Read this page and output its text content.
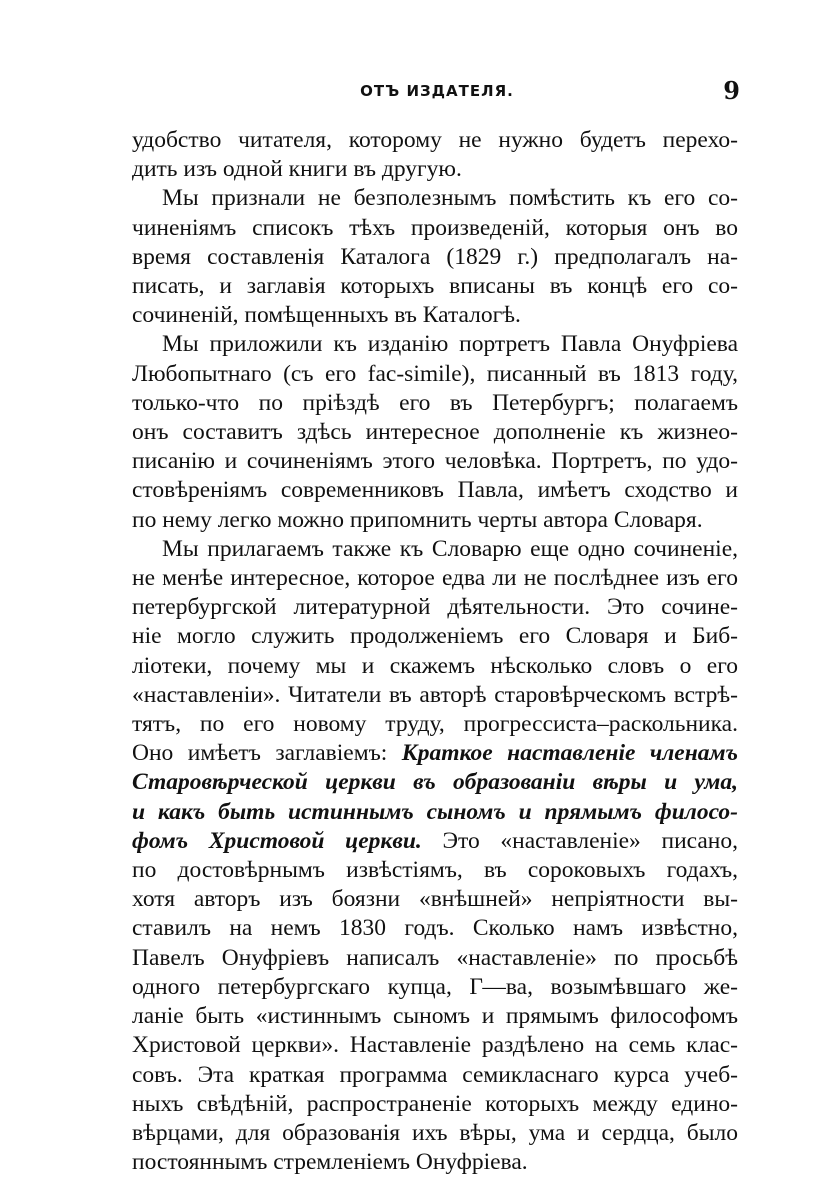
ОТЪ ИЗДАТЕЛЯ.	9

удобство читателя, которому не нужно будетъ перехо-
дить изъ одной книги въ другую.

Мы признали не безполезнымъ помѣстить къ его со-
чиненіямъ списокъ тѣхъ произведеній, которыя онъ во
время составленія Каталога (1829 г.) предполагалъ на-
писать, и заглавія которыхъ вписаны въ концѣ его со-
сочиненій, помѣщенныхъ въ Каталогѣ.

Мы приложили къ изданію портретъ Павла Онуфріева
Любопытнаго (съ его fac-simile), писанный въ 1813 году,
только-что по пріѣздѣ его въ Петербургъ; полагаемъ
онъ составитъ здѣсь интересное дополненіе къ жизнео-
писанію и сочиненіямъ этого человѣка. Портретъ, по удо-
стовѣреніямъ современниковъ Павла, имѣетъ сходство и
по нему легко можно припомнить черты автора Словаря.

Мы прилагаемъ также къ Словарю еще одно сочиненіе,
не менѣе интересное, которое едва ли не послѣднее изъ его
петербургской литературной дѣятельности. Это сочине-
ніе могло служить продолженіемъ его Словаря и Биб-
ліотеки, почему мы и скажемъ нѣсколько словъ о его
«наставленіи». Читатели въ авторѣ старовѣрческомъ встрѣ-
тятъ, по его новому труду, прогрессиста–раскольника.
Оно имѣетъ заглавіемъ: Краткое наставленіе членамъ
Старовѣрческой церкви въ образованіи вѣры и ума,
и какъ быть истиннымъ сыномъ и прямымъ филосо-
фомъ Христовой церкви. Это «наставленіе» писано,
по достовѣрнымъ извѣстіямъ, въ сороковыхъ годахъ,
хотя авторъ изъ боязни «внѣшней» непріятности вы-
ставилъ на немъ 1830 годъ. Сколько намъ извѣстно,
Павелъ Онуфріевъ написалъ «наставленіе» по просьбѣ
одного петербургскаго купца, Г—ва, возымѣвшаго же-
ланіе быть «истиннымъ сыномъ и прямымъ философомъ
Христовой церкви». Наставленіе раздѣлено на семь клас-
совъ. Эта краткая программа семикласнаго курса учеб-
ныхъ свѣдѣній, распространеніе которыхъ между едино-
вѣрцами, для образованія ихъ вѣры, ума и сердца, было
постояннымъ стремленіемъ Онуфріева.
